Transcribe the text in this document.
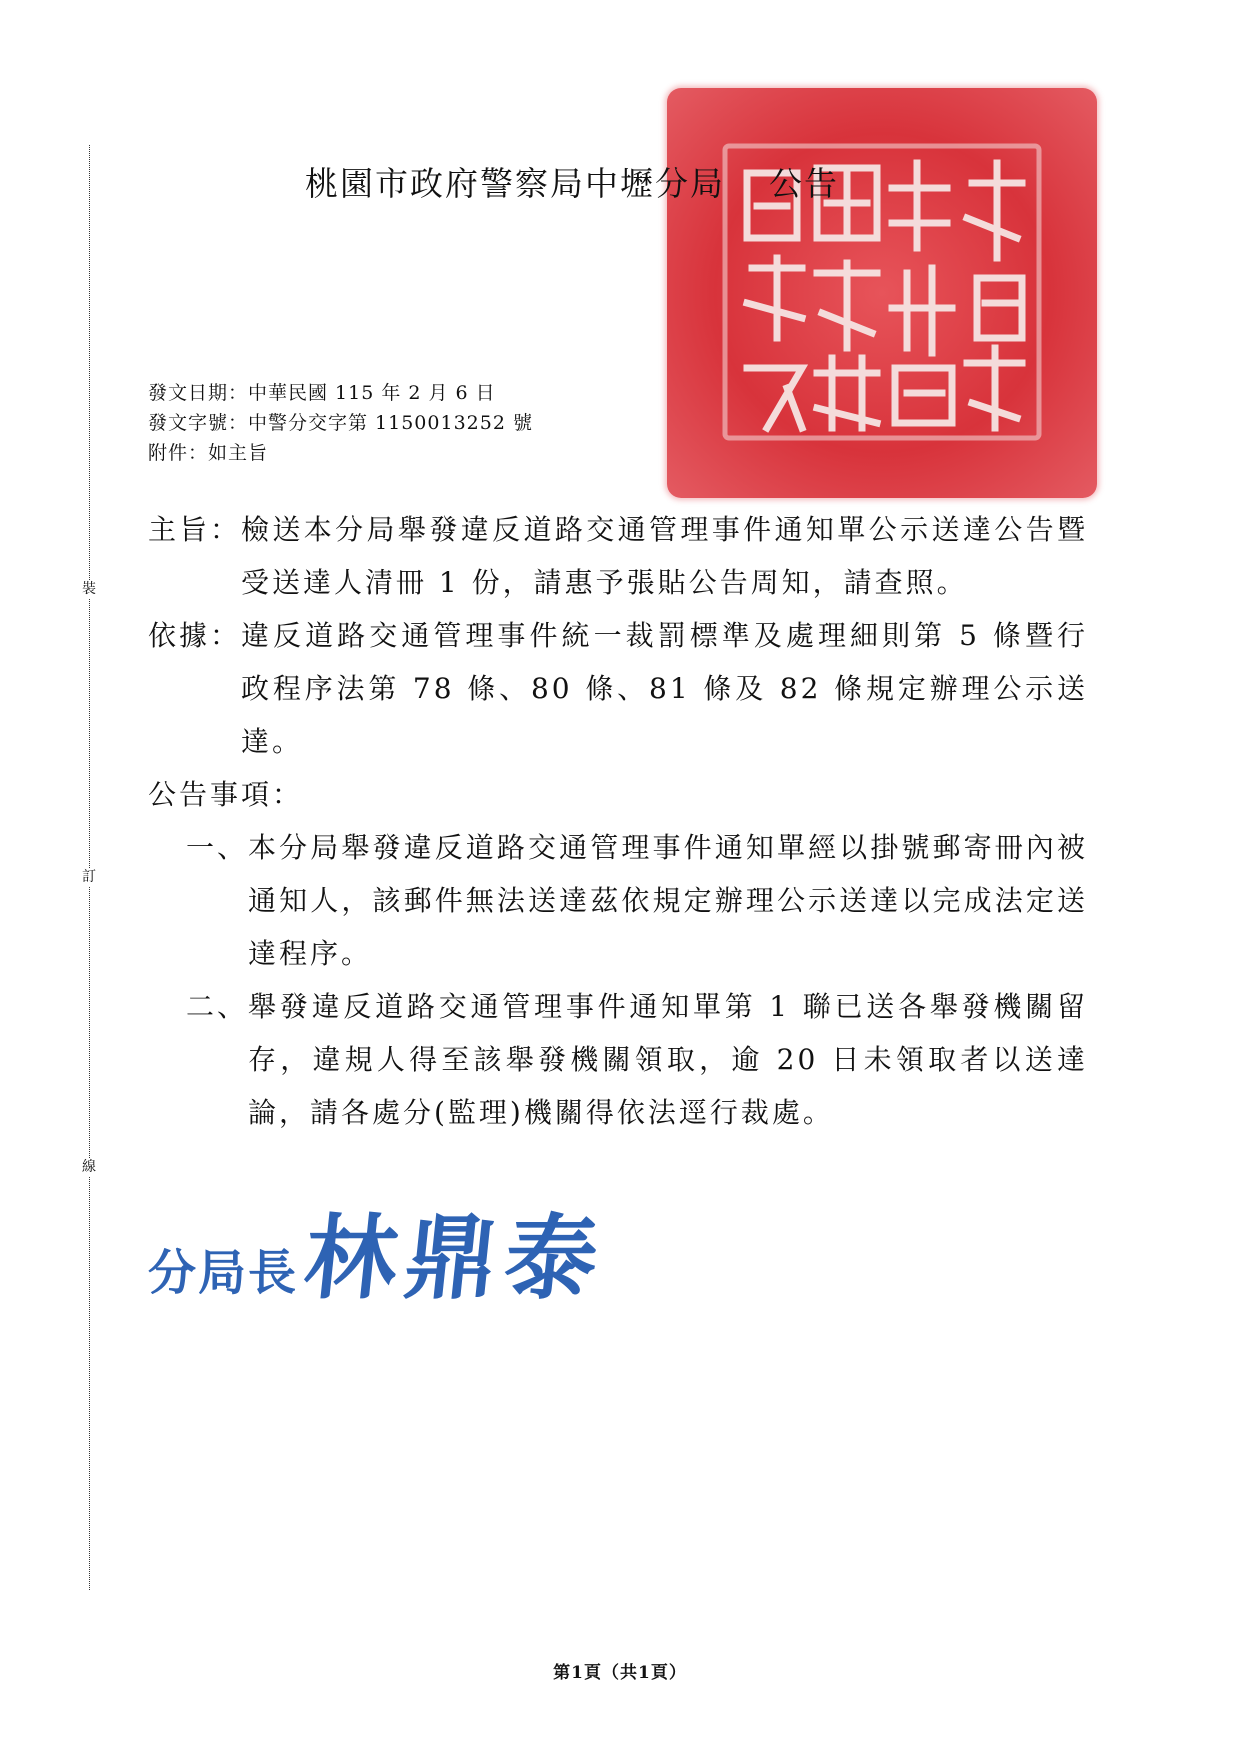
裝
訂
線
桃園市政府警察局中壢分局 公告
發文日期：中華民國 115 年 2 月 6 日
發文字號：中警分交字第 1150013252 號
附件：如主旨
主旨： 檢送本分局舉發違反道路交通管理事件通知單公示送達公告暨受送達人清冊 1 份，請惠予張貼公告周知，請查照。
依據： 違反道路交通管理事件統一裁罰標準及處理細則第 5 條暨行政程序法第 78 條、80 條、81 條及 82 條規定辦理公示送達。
公告事項：
一、 本分局舉發違反道路交通管理事件通知單經以掛號郵寄冊內被通知人，該郵件無法送達茲依規定辦理公示送達以完成法定送達程序。
二、 舉發違反道路交通管理事件通知單第 1 聯已送各舉發機關留存，違規人得至該舉發機關領取，逾 20 日未領取者以送達論，請各處分(監理)機關得依法逕行裁處。
分局長 林鼎泰
第1頁（共1頁）
